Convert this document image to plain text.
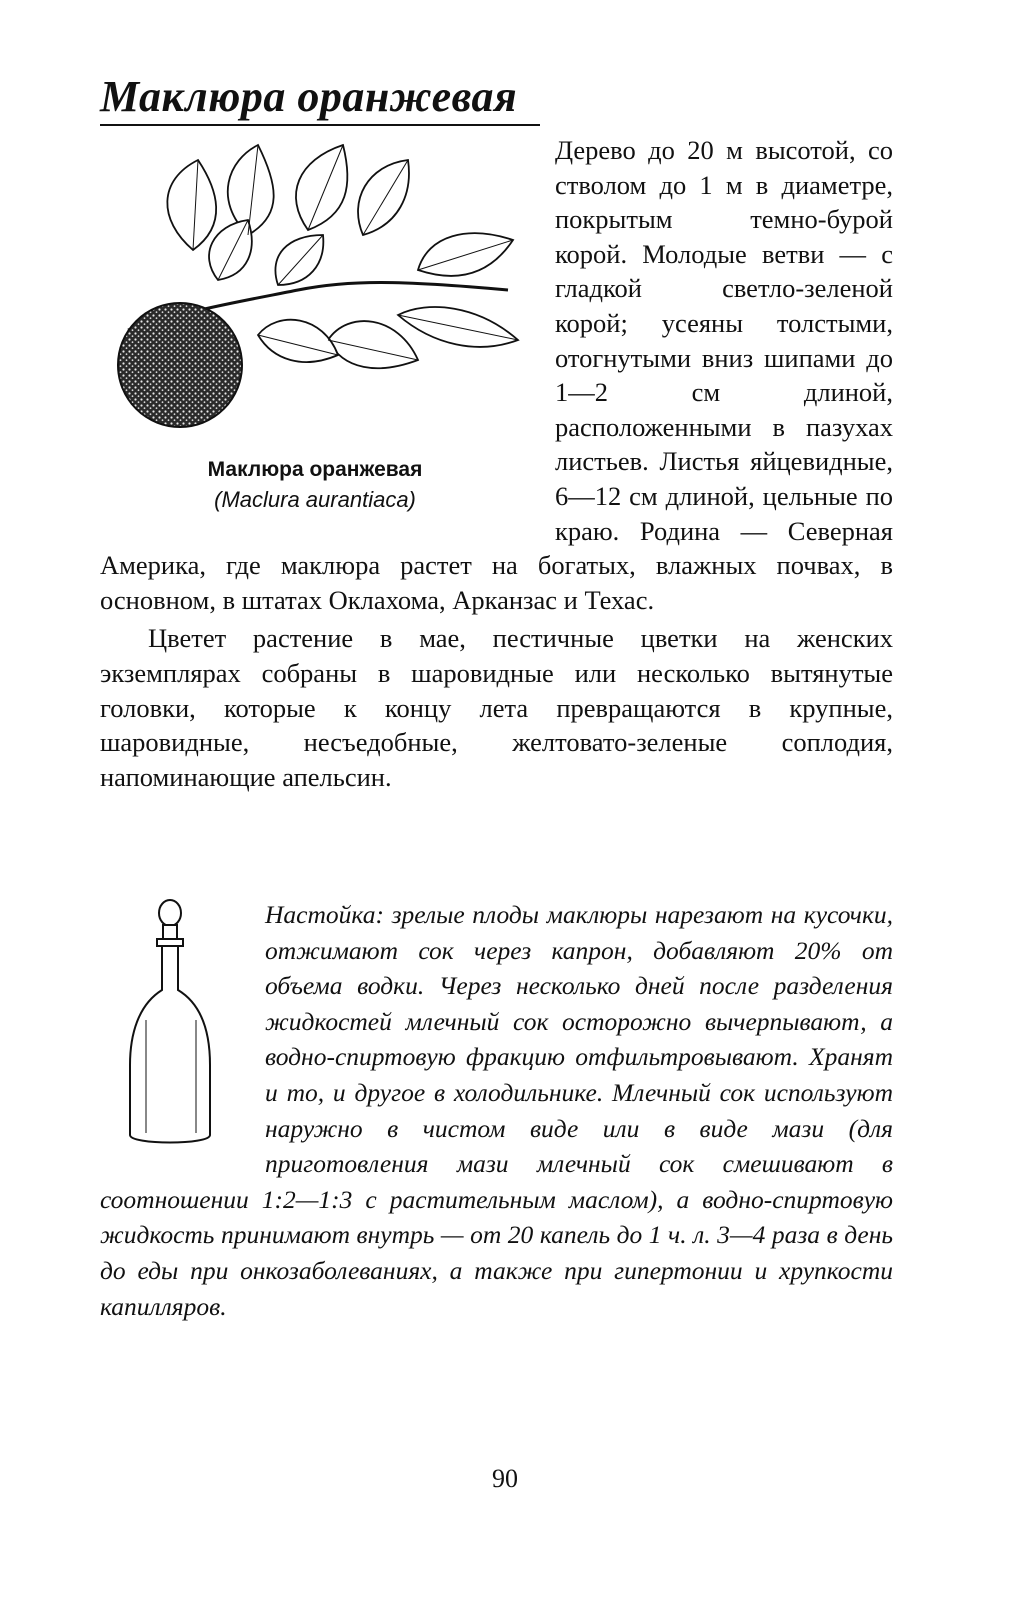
Маклюра оранжевая
Маклюра оранжевая
(Maclura aurantiaca)

Дерево до 20 м высотой, со стволом до 1 м в диаметре, покрытым темно-бурой корой. Молодые ветви — с гладкой светло-зеленой корой; усеяны толстыми, отогнутыми вниз шипами до 1—2 см длиной, расположенными в пазухах листьев. Листья яйцевидные, 6—12 см длиной, цельные по краю. Родина — Северная Америка, где маклюра растет на богатых, влажных почвах, в основном, в штатах Оклахома, Арканзас и Техас.

Цветет растение в мае, пестичные цветки на женских экземплярах собраны в шаровидные или несколько вытянутые головки, которые к концу лета превращаются в крупные, шаровидные, несъедобные, желтовато-зеленые соплодия, напоминающие апельсин.

Настойка: зрелые плоды маклюры нарезают на кусочки, отжимают сок через капрон, добавляют 20% от объема водки. Через несколько дней после разделения жидкостей млечный сок осторожно вычерпывают, а водно-спиртовую фракцию отфильтровывают. Хранят и то, и другое в холодильнике. Млечный сок используют наружно в чистом виде или в виде мази (для приготовления мази млечный сок смешивают в соотношении 1:2—1:3 с растительным маслом), а водно-спиртовую жидкость принимают внутрь — от 20 капель до 1 ч. л. 3—4 раза в день до еды при онкозаболеваниях, а также при гипертонии и хрупкости капилляров.
90
